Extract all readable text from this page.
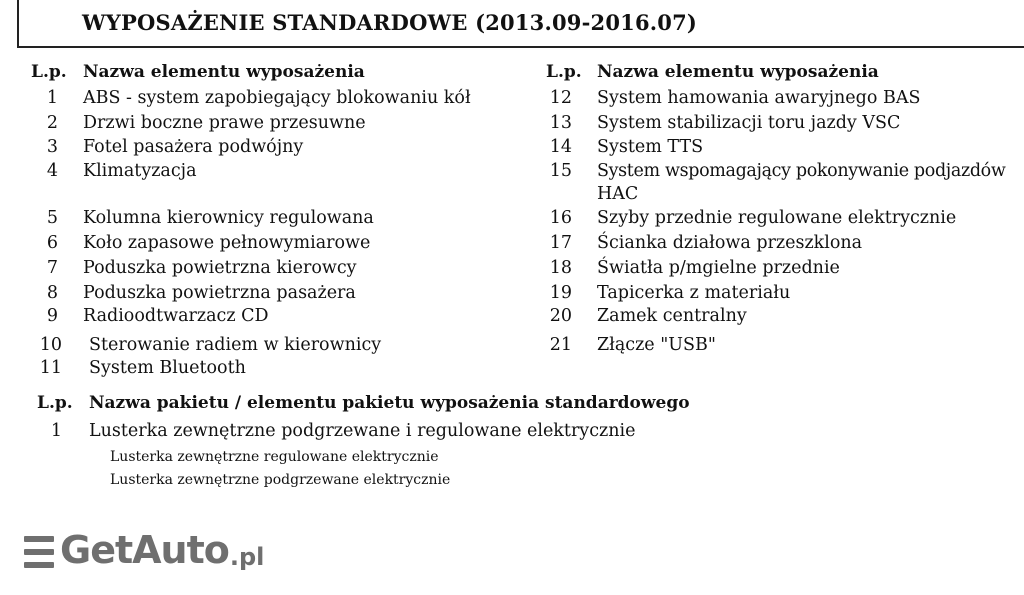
WYPOSAŻENIE STANDARDOWE (2013.09-2016.07)
L.p. Nazwa elementu wyposażenia	L.p. Nazwa elementu wyposażenia
1 ABS - system zapobiegający blokowaniu kół
2 Drzwi boczne prawe przesuwne
3 Fotel pasażera podwójny
4 Klimatyzacja
5 Kolumna kierownicy regulowana
6 Koło zapasowe pełnowymiarowe
7 Poduszka powietrzna kierowcy
8 Poduszka powietrzna pasażera
9 Radioodtwarzacz CD
10 Sterowanie radiem w kierownicy
11 System Bluetooth
12 System hamowania awaryjnego BAS
13 System stabilizacji toru jazdy VSC
14 System TTS
15 System wspomagający pokonywanie podjazdów
HAC
16 Szyby przednie regulowane elektrycznie
17 Ścianka działowa przeszklona
18 Światła p/mgielne przednie
19 Tapicerka z materiału
20 Zamek centralny
21 Złącze "USB"
L.p. Nazwa pakietu / elementu pakietu wyposażenia standardowego
1 Lusterka zewnętrzne podgrzewane i regulowane elektrycznie
Lusterka zewnętrzne regulowane elektrycznie
Lusterka zewnętrzne podgrzewane elektrycznie
GetAuto .pl
